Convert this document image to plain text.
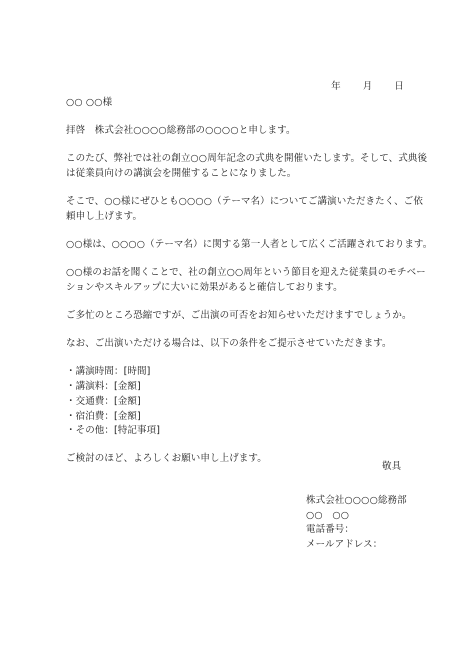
年 月 日
○○ ○○様
拝啓　株式会社○○○○総務部の○○○○と申します。
このたび、弊社では社の創立○○周年記念の式典を開催いたします。そして、式典後
は従業員向けの講演会を開催することになりました。
そこで、○○様にぜひとも○○○○（テーマ名）についてご講演いただきたく、ご依
頼申し上げます。
○○様は、○○○○（テーマ名）に関する第一人者として広くご活躍されております。
○○様のお話を聞くことで、社の創立○○周年という節目を迎えた従業員のモチベー
ションやスキルアップに大いに効果があると確信しております。
ご多忙のところ恐縮ですが、ご出演の可否をお知らせいただけますでしょうか。
なお、ご出演いただける場合は、以下の条件をご提示させていただきます。
・講演時間：[時間]
・講演料：[金額]
・交通費：[金額]
・宿泊費：[金額]
・その他：[特記事項]
ご検討のほど、よろしくお願い申し上げます。
敬具
株式会社○○○○総務部
○○　○○
電話番号：
メールアドレス：
